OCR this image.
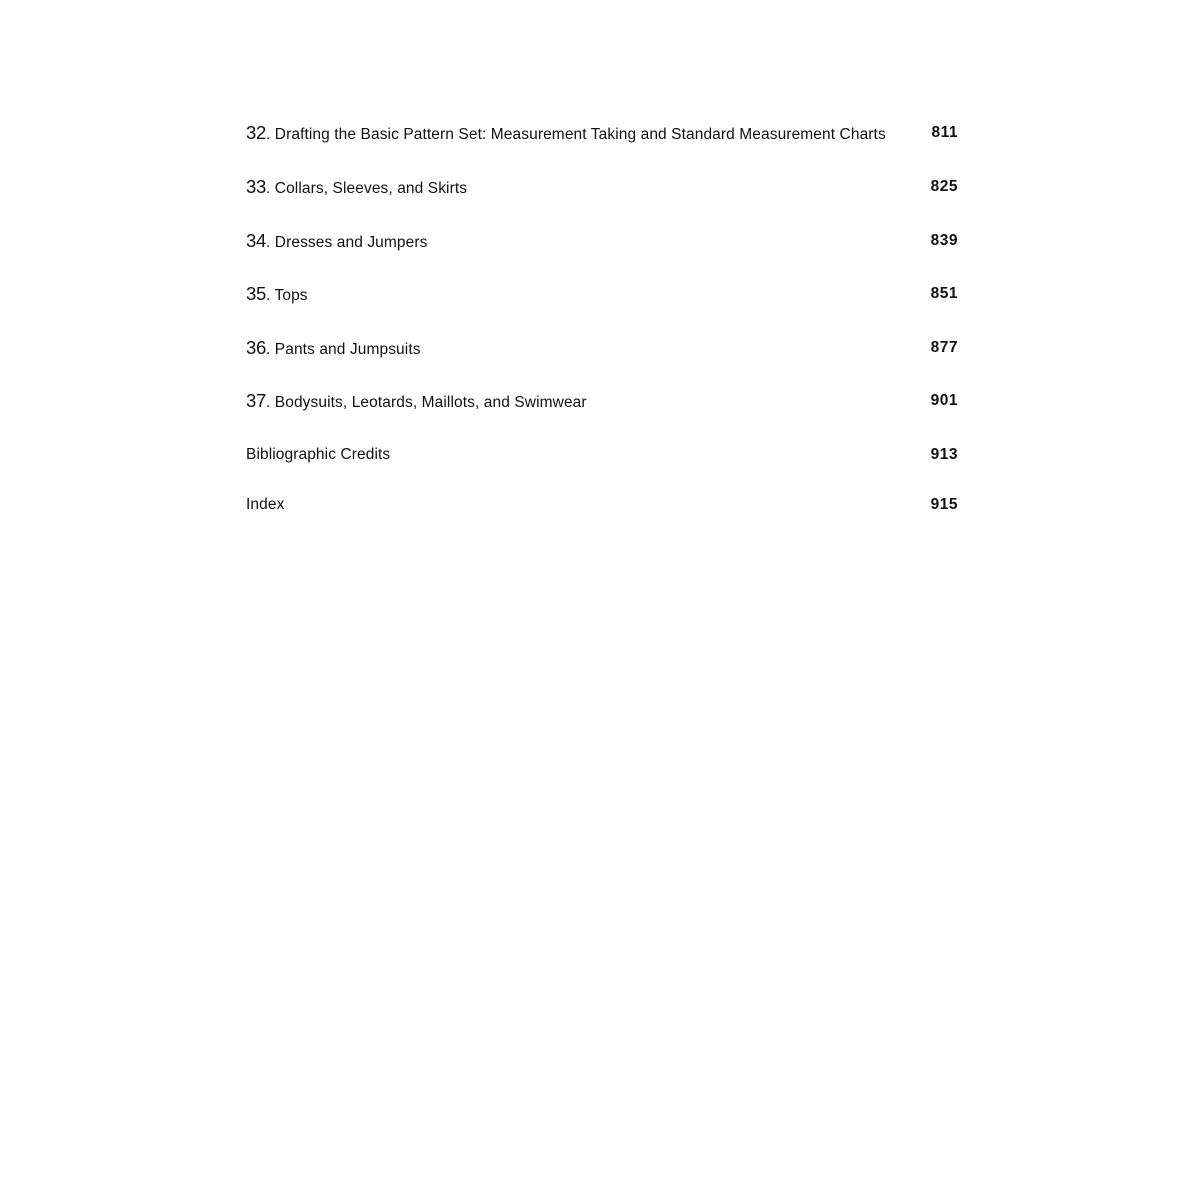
32. Drafting the Basic Pattern Set: Measurement Taking and Standard Measurement Charts	811
33. Collars, Sleeves, and Skirts	825
34. Dresses and Jumpers	839
35. Tops	851
36. Pants and Jumpsuits	877
37. Bodysuits, Leotards, Maillots, and Swimwear	901
Bibliographic Credits	913
Index	915
